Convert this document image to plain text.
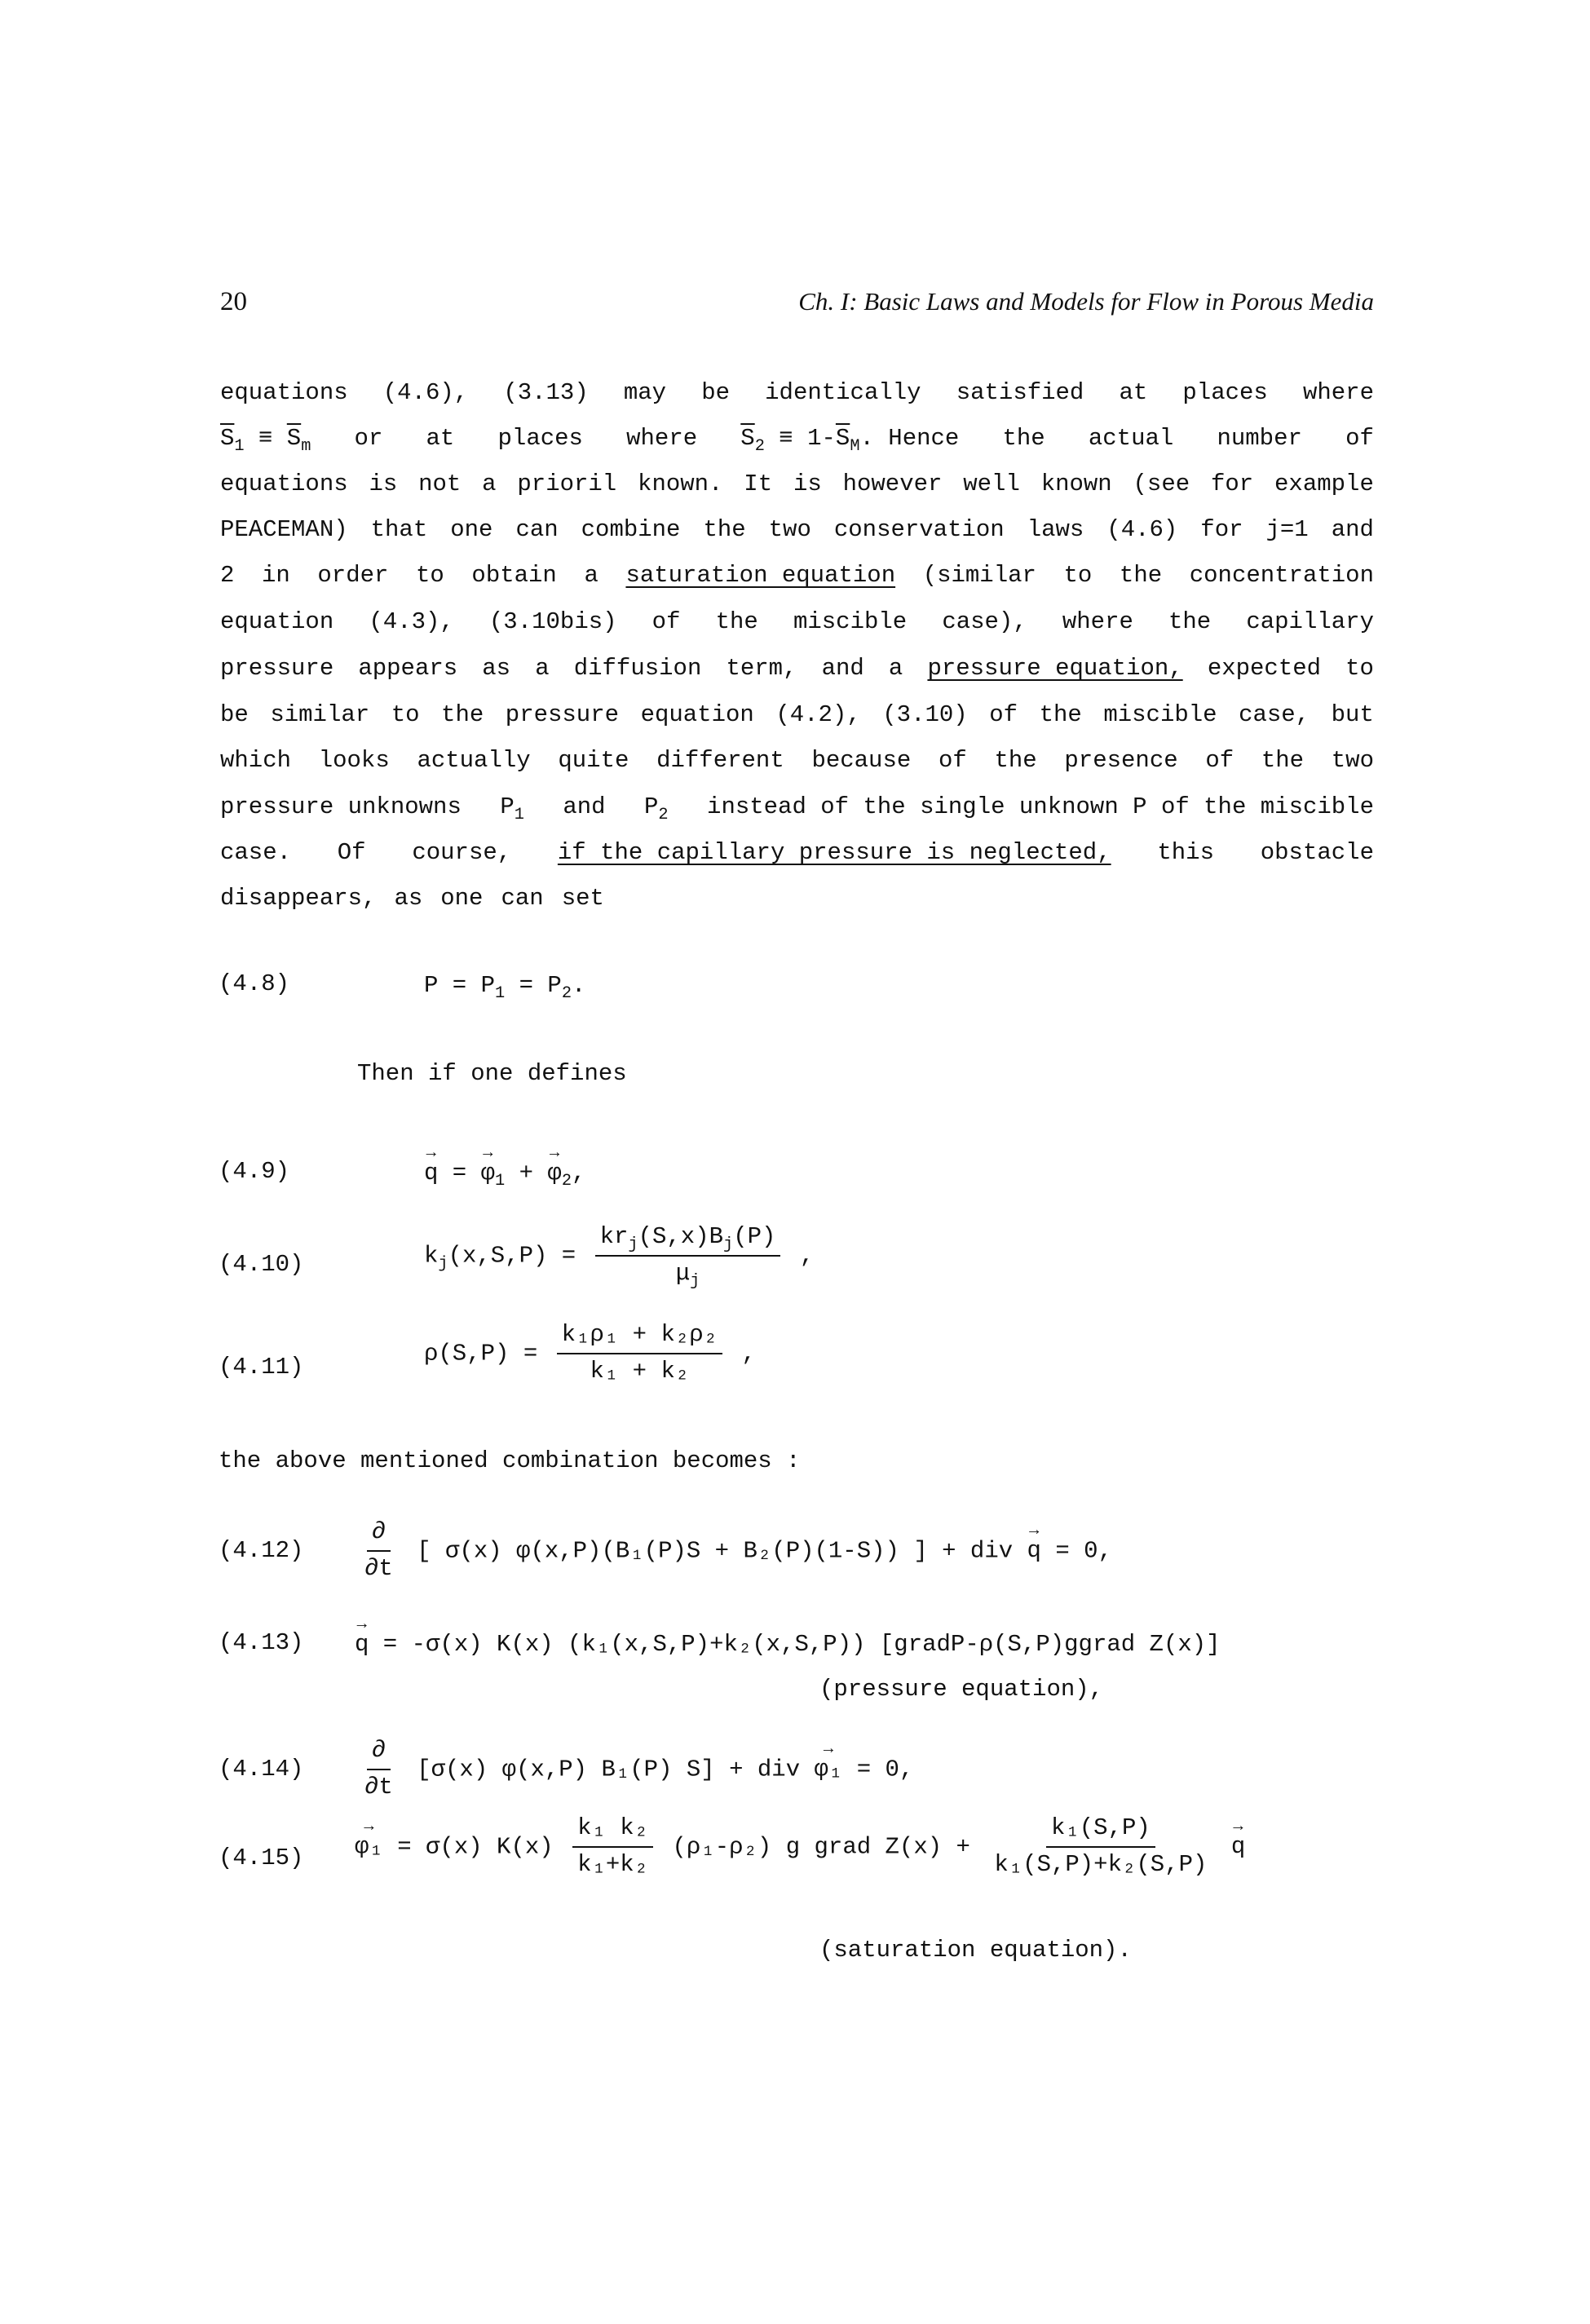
20	Ch. I: Basic Laws and Models for Flow in Porous Media
equations (4.6), (3.13) may be identically satisfied at places where
$\overline{S}_1 \equiv \overline{S}_m$ or at places where $\overline{S}_2 \equiv 1-\overline{S}_M$. Hence the actual number of
equations is not a prioril known. It is however well known (see for example
PEACEMAN) that one can combine the two conservation laws (4.6) for j=1 and
2 in order to obtain a saturation equation (similar to the concentration
equation (4.3), (3.10bis) of the miscible case), where the capillary
pressure appears as a diffusion term, and a pressure equation, expected to
be similar to the pressure equation (4.2), (3.10) of the miscible case, but
which looks actually quite different because of the presence of the two
pressure unknowns $P_1$ and $P_2$ instead of the single unknown P of the miscible
case. Of course, if the capillary pressure is neglected, this obstacle
disappears, as one can set
(4.8)	$P = P_1 = P_2$.
Then if one defines
(4.9)	→ q = → $\varphi_1$ + → $\varphi_2$,
(4.10)	$k_j(x,S,P) = \frac{kr_j(S,x)B_j(P)}{\mu_j}$ ,
(4.11)
$\rho(S,P) = \frac{\text{k₁ρ₁ + k₂ρ₂}}{\text{k₁ + k₂}}$ ,
the above mentioned combination becomes :
$(4.12) \frac{\partial}{\partial t}$ [ σ(x) φ(x,P)(B₁(P)S + B₂(P)(1-S)) ] + div → q = 0,
(4.13) → q = -σ(x) K(x) (k₁(x,S,P)+k₂(x,S,P)) [gradP-ρ(S,P)ggrad Z(x)]
(pressure equation),
$(4.14) \frac{\partial}{\partial t} [\sigma(x)$ φ(x,P) B₁(P) S] + div → φ₁ = 0,
(4.15) → φ₁ = σ(x) $K(x) \frac{\text{k₁ k₂}}{\text{k₁+k₂}} (\rho_1-\rho_2)$ g grad $Z(x) + \frac{\text{k₁(S,P)}}{\text{k₁(S,P)+k₂(S,P)}} \to q$
(saturation equation).
